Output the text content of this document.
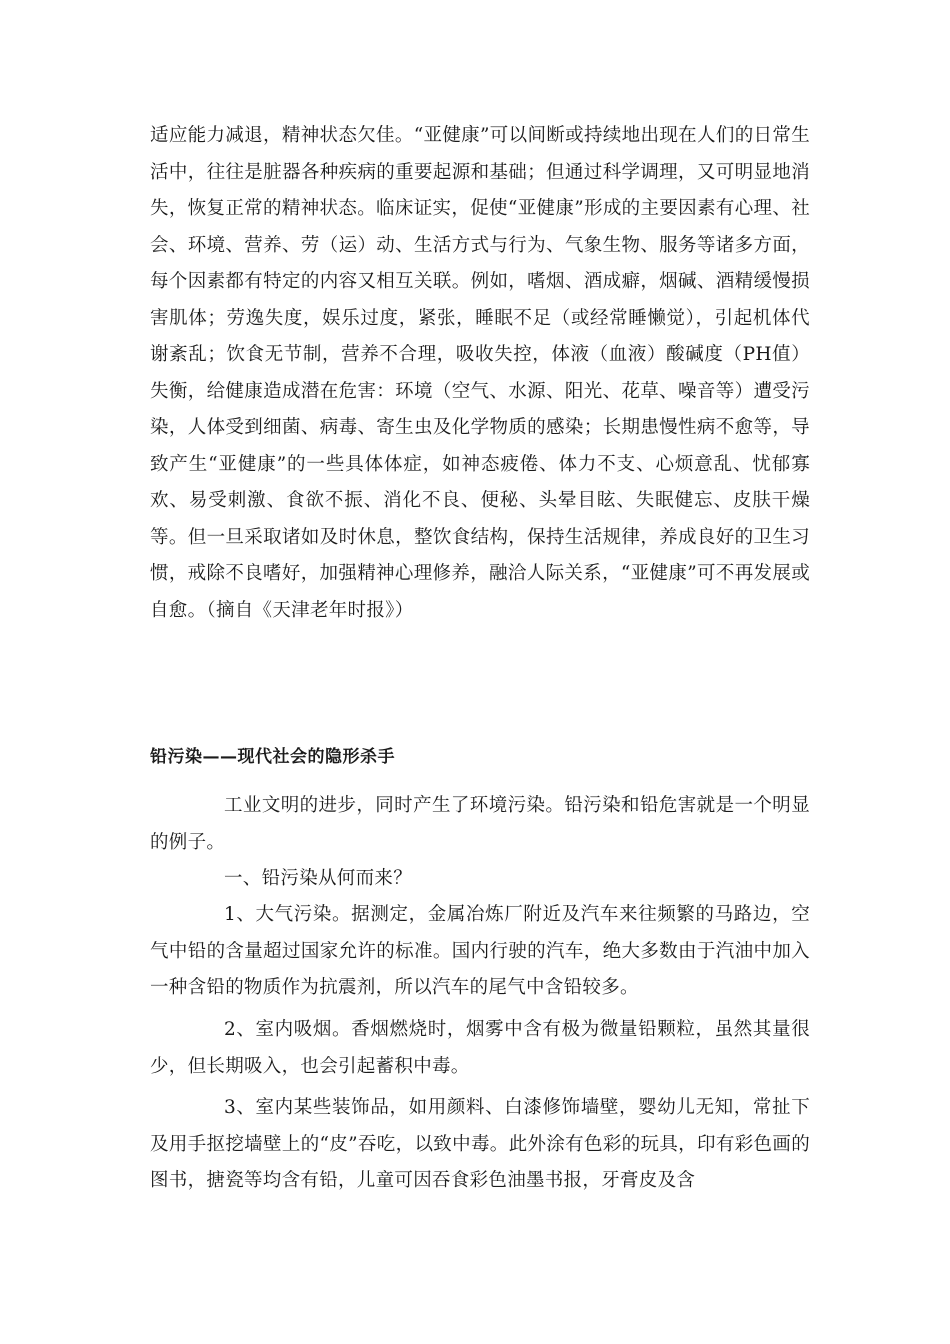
适应能力减退，精神状态欠佳。“亚健康”可以间断或持续地出现在人们的日常生活中，往往是脏器各种疾病的重要起源和基础；但通过科学调理，又可明显地消失，恢复正常的精神状态。临床证实，促使“亚健康”形成的主要因素有心理、社会、环境、营养、劳（运）动、生活方式与行为、气象生物、服务等诸多方面，每个因素都有特定的内容又相互关联。例如，嗜烟、酒成癖，烟碱、酒精缓慢损害肌体；劳逸失度，娱乐过度，紧张，睡眠不足（或经常睡懒觉），引起机体代谢紊乱；饮食无节制，营养不合理，吸收失控，体液（血液）酸碱度（PH值）失衡，给健康造成潜在危害：环境（空气、水源、阳光、花草、噪音等）遭受污染，人体受到细菌、病毒、寄生虫及化学物质的感染；长期患慢性病不愈等，导致产生“亚健康”的一些具体体症，如神态疲倦、体力不支、心烦意乱、忧郁寡欢、易受刺激、食欲不振、消化不良、便秘、头晕目眩、失眠健忘、皮肤干燥等。但一旦采取诸如及时休息，整饮食结构，保持生活规律，养成良好的卫生习惯，戒除不良嗜好，加强精神心理修养，融洽人际关系，“亚健康”可不再发展或自愈。（摘自《天津老年时报》）

铅污染——现代社会的隐形杀手

工业文明的进步，同时产生了环境污染。铅污染和铅危害就是一个明显的例子。

一、铅污染从何而来？

1、大气污染。据测定，金属冶炼厂附近及汽车来往频繁的马路边，空气中铅的含量超过国家允许的标准。国内行驶的汽车，绝大多数由于汽油中加入一种含铅的物质作为抗震剂，所以汽车的尾气中含铅较多。

2、室内吸烟。香烟燃烧时，烟雾中含有极为微量铅颗粒，虽然其量很少，但长期吸入，也会引起蓄积中毒。

3、室内某些装饰品，如用颜料、白漆修饰墙壁，婴幼儿无知，常扯下及用手抠挖墙壁上的“皮”吞吃，以致中毒。此外涂有色彩的玩具，印有彩色画的图书，搪瓷等均含有铅，儿童可因吞食彩色油墨书报，牙膏皮及含
